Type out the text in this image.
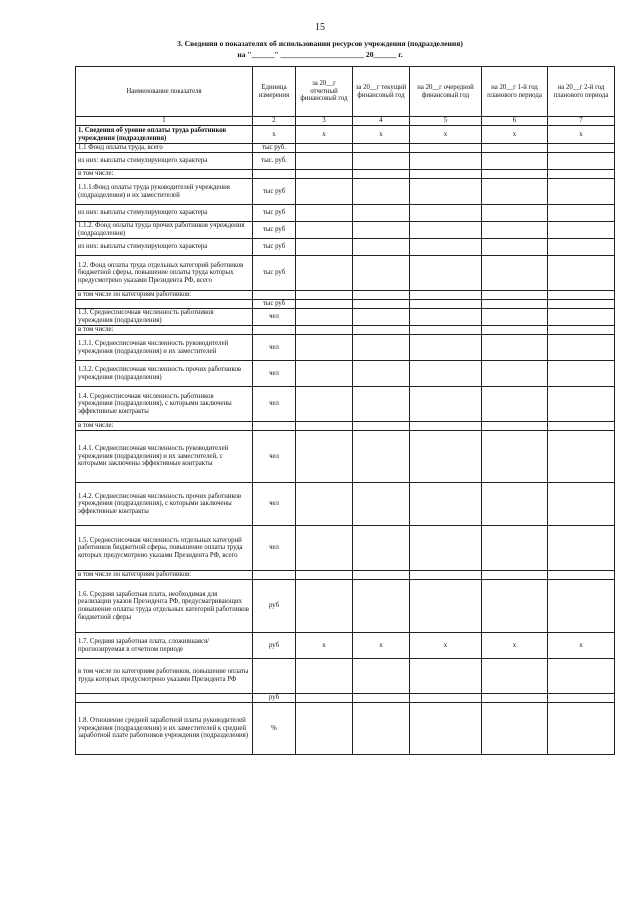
15
3. Сведения о показателях об использовании ресурсов учреждения (подразделения)
на "______" ______________________ 20______ г.
Наименование показателя	Единица измерения	за 20__г отчетный финансовый год	за 20__г текущий финансовый год	на 20__г очередной финансовый год	на 20__г 1-й год планового периода	на 20__г 2-й год планового периода
1	2	3	4	5	6	7
1. Сведения об уровне оплаты труда работников учреждения (подразделения)	х	х	х	х	х	х
1.1 Фонд оплаты труда, всего	тыс руб.					
из них: выплаты стимулирующего характера	тыс. руб.					
в том числе:						
1.1.1.Фонд оплаты труда руководителей учреждения (подразделения) и их заместителей	тыс руб					
из них: выплаты стимулирующего характера	тыс руб					
1.1.2. Фонд оплаты труда прочих работников учреждения (подразделения)	тыс руб					
из них: выплаты стимулирующего характера	тыс руб					
1.2. Фонд оплаты труда отдельных категорий работников бюджетной сферы, повышение оплаты труда которых предусмотрено указами Президента РФ, всего	тыс руб					
в том числе по категориям работников:						
	тыс руб					
1.3. Среднесписочная численность работников учреждения (подразделения)	чел					
в том числе:						
1.3.1. Среднесписочная численность руководителей учреждения (подразделения) и их заместителей	чел					
1.3.2. Среднесписочная численность прочих работников учреждения (подразделения)	чел					
1.4. Среднесписочная численность работников учреждения (подразделения), с которыми заключены эффективные контракты	чел					
в том числе:						
1.4.1. Среднесписочная численность руководителей учреждения (подразделения) и их заместителей, с которыми заключены эффективные контракты	чел					
1.4.2. Среднесписочная численность прочих работников учреждения (подразделения), с которыми заключены эффективные контракты	чел					
1.5. Среднесписочная численность отдельных категорий работников бюджетной сферы, повышение оплаты труда которых предусмотрено указами Президента РФ, всего	чел					
в том числе по категориям работников:						
1.6. Средняя заработная плата, необходимая для реализации указов Президента РФ, предусматривающих повышение оплаты труда отдельных категорий работников бюджетной сферы	руб					
1.7. Средняя заработная плата, сложившаяся/прогнозируемая в отчетном периоде	руб	х	х	х	х	х
в том числе по категориям работников, повышение оплаты труда которых предусмотрено указами Президента РФ						
	руб					
1.8. Отношение средней заработной платы руководителей учреждения (подразделения) и их заместителей к средней заработной плате работников учреждения (подразделения)	%					
